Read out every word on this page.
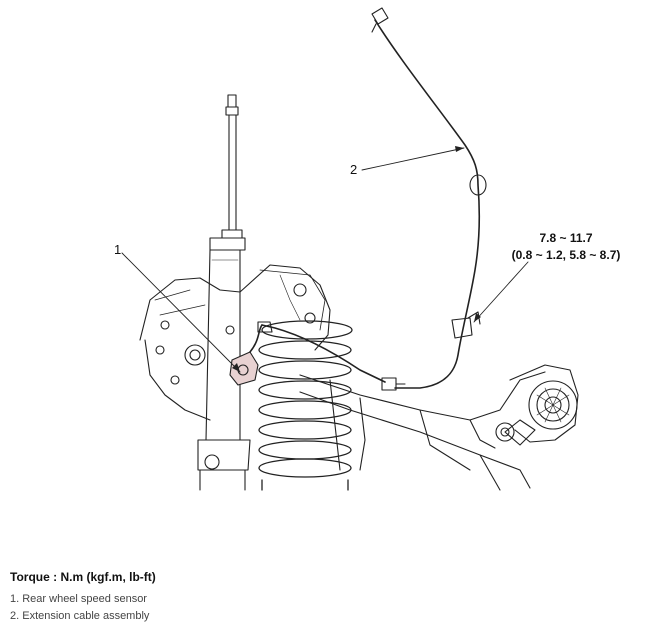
1
2
7.8 ~ 11.7
(0.8 ~ 1.2, 5.8 ~ 8.7)
Torque : N.m (kgf.m, lb-ft)
1. Rear wheel speed sensor
2. Extension cable assembly
